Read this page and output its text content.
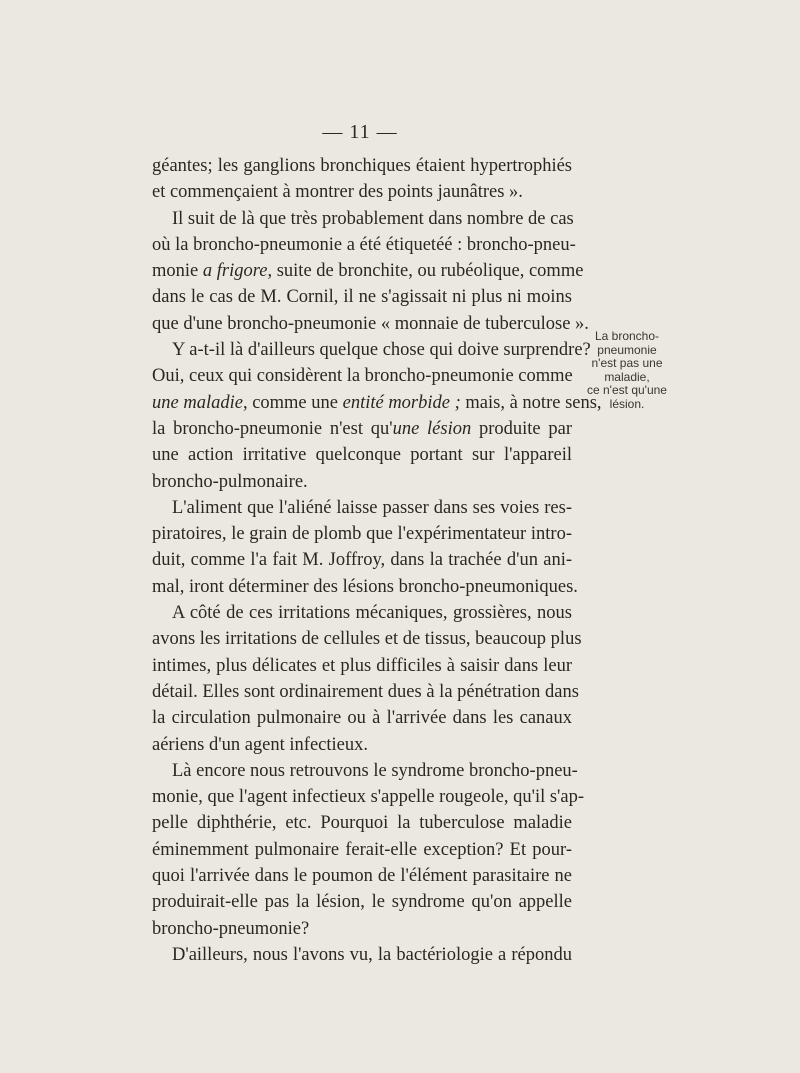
— 11 —
géantes; les ganglions bronchiques étaient hypertrophiés
et commençaient à montrer des points jaunâtres ».
Il suit de là que très probablement dans nombre de cas
où la broncho-pneumonie a été étiquetéé : broncho-pneu-
monie a frigore, suite de bronchite, ou rubéolique, comme
dans le cas de M. Cornil, il ne s'agissait ni plus ni moins
que d'une broncho-pneumonie « monnaie de tuberculose ».
Y a-t-il là d'ailleurs quelque chose qui doive surprendre?
Oui, ceux qui considèrent la broncho-pneumonie comme
une maladie, comme une entité morbide ; mais, à notre sens,
la broncho-pneumonie n'est qu'une lésion produite par
une action irritative quelconque portant sur l'appareil
broncho-pulmonaire.
L'aliment que l'aliéné laisse passer dans ses voies res-
piratoires, le grain de plomb que l'expérimentateur intro-
duit, comme l'a fait M. Joffroy, dans la trachée d'un ani-
mal, iront déterminer des lésions broncho-pneumoniques.
A côté de ces irritations mécaniques, grossières, nous
avons les irritations de cellules et de tissus, beaucoup plus
intimes, plus délicates et plus difficiles à saisir dans leur
détail. Elles sont ordinairement dues à la pénétration dans
la circulation pulmonaire ou à l'arrivée dans les canaux
aériens d'un agent infectieux.
Là encore nous retrouvons le syndrome broncho-pneu-
monie, que l'agent infectieux s'appelle rougeole, qu'il s'ap-
pelle diphthérie, etc. Pourquoi la tuberculose maladie
éminemment pulmonaire ferait-elle exception? Et pour-
quoi l'arrivée dans le poumon de l'élément parasitaire ne
produirait-elle pas la lésion, le syndrome qu'on appelle
broncho-pneumonie?
D'ailleurs, nous l'avons vu, la bactériologie a répondu
La broncho-
pneumonie
n'est pas une
maladie,
ce n'est qu'une
lésion.
